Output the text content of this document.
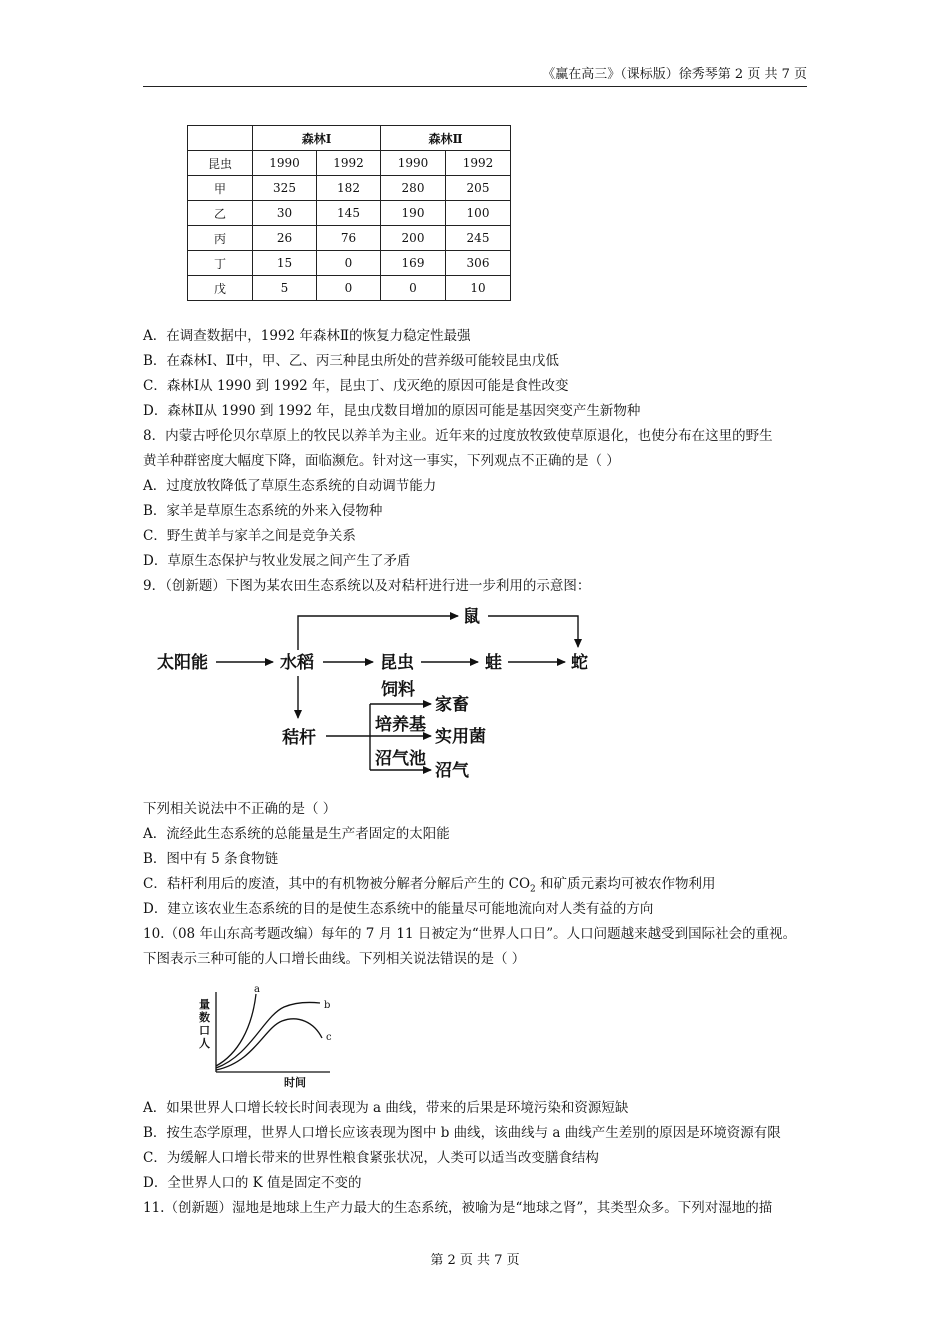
《赢在高三》（课标版）徐秀琴第 2 页 共 7 页
	森林Ⅰ		森林Ⅱ	
昆虫	1990	1992	1990	1992
甲	325	182	280	205
乙	30	145	190	100
丙	26	76	200	245
丁	15	0	169	306
戊	5	0	0	10
A．在调查数据中，1992 年森林Ⅱ的恢复力稳定性最强
B．在森林Ⅰ、Ⅱ中，甲、乙、丙三种昆虫所处的营养级可能较昆虫戊低
C．森林Ⅰ从 1990 到 1992 年，昆虫丁、戊灭绝的原因可能是食性改变
D．森林Ⅱ从 1990 到 1992 年，昆虫戊数目增加的原因可能是基因突变产生新物种
8．内蒙古呼伦贝尔草原上的牧民以养羊为主业。近年来的过度放牧致使草原退化，也使分布在这里的野生
黄羊种群密度大幅度下降，面临濒危。针对这一事实，下列观点不正确的是（ ）
A．过度放牧降低了草原生态系统的自动调节能力
B．家羊是草原生态系统的外来入侵物种
C．野生黄羊与家羊之间是竞争关系
D．草原生态保护与牧业发展之间产生了矛盾
9．（创新题）下图为某农田生态系统以及对秸杆进行进一步利用的示意图：
太阳能	水稻	昆虫	蛙	蛇
鼠
秸杆
饲料
家畜
培养基
实用菌
沼气池
沼气
下列相关说法中不正确的是（ ）
A．流经此生态系统的总能量是生产者固定的太阳能
B．图中有 5 条食物链
C．秸杆利用后的废渣，其中的有机物被分解者分解后产生的 $CO_2$ 和矿质元素均可被农作物利用
D．建立该农业生态系统的目的是使生态系统中的能量尽可能地流向对人类有益的方向
10.（08 年山东高考题改编）每年的 7 月 11 日被定为“世界人口日”。人口问题越来越受到国际社会的重视。
下图表示三种可能的人口增长曲线。下列相关说法错误的是（ ）
量
数
口
人
时间
a
b
c
A．如果世界人口增长较长时间表现为 a 曲线，带来的后果是环境污染和资源短缺
B．按生态学原理，世界人口增长应该表现为图中 b 曲线，该曲线与 a 曲线产生差别的原因是环境资源有限
C．为缓解人口增长带来的世界性粮食紧张状况，人类可以适当改变膳食结构
D．全世界人口的 K 值是固定不变的
11.（创新题）湿地是地球上生产力最大的生态系统，被喻为是“地球之肾”，其类型众多。下列对湿地的描
第 2 页 共 7 页
